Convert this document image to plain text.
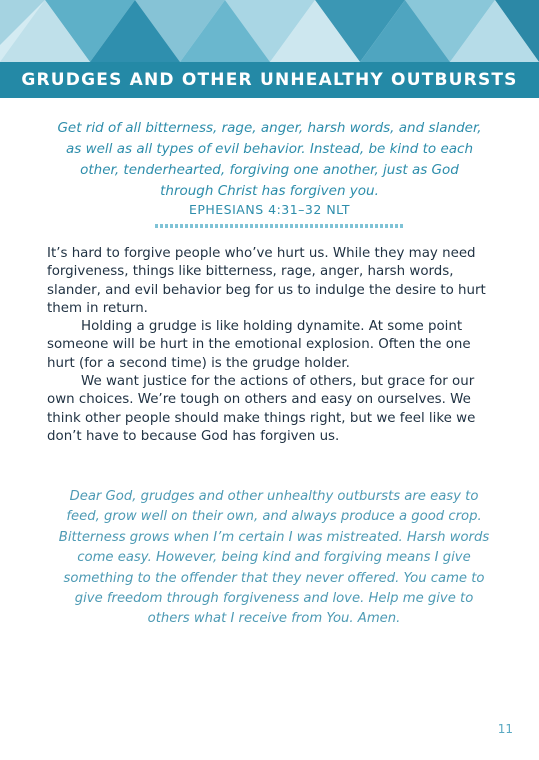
GRUDGES AND OTHER UNHEALTHY OUTBURSTS
Get rid of all bitterness, rage, anger, harsh words, and slander, as well as all types of evil behavior. Instead, be kind to each other, tenderhearted, forgiving one another, just as God through Christ has forgiven you.
EPHESIANS 4:31–32 NLT

It’s hard to forgive people who’ve hurt us. While they may need forgiveness, things like bitterness, rage, anger, harsh words, slander, and evil behavior beg for us to indulge the desire to hurt them in return.

Holding a grudge is like holding dynamite. At some point someone will be hurt in the emotional explosion. Often the one hurt (for a second time) is the grudge holder.

We want justice for the actions of others, but grace for our own choices. We’re tough on others and easy on ourselves. We think other people should make things right, but we feel like we don’t have to because God has forgiven us.

Dear God, grudges and other unhealthy outbursts are easy to feed, grow well on their own, and always produce a good crop. Bitterness grows when I’m certain I was mistreated. Harsh words come easy. However, being kind and forgiving means I give something to the offender that they never offered. You came to give freedom through forgiveness and love. Help me give to others what I receive from You. Amen.
11
